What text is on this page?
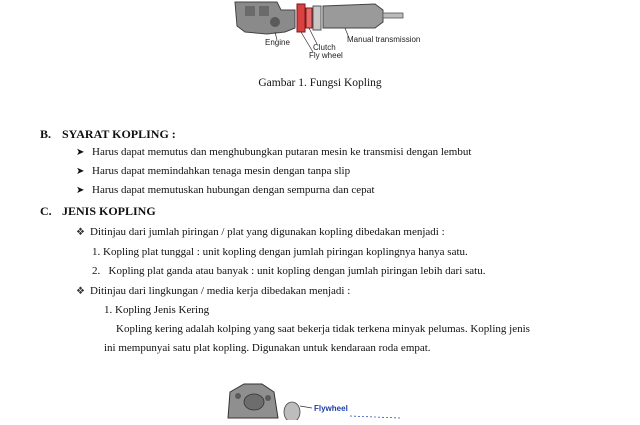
Engine
Clutch
Fly wheel
Manual transmission
Gambar 1. Fungsi Kopling
B. SYARAT KOPLING :
➤ Harus dapat memutus dan menghubungkan putaran mesin ke transmisi dengan lembut
➤ Harus dapat memindahkan tenaga mesin dengan tanpa slip
➤ Harus dapat memutuskan hubungan dengan sempurna dan cepat
C. JENIS KOPLING
❖ Ditinjau dari jumlah piringan / plat yang digunakan kopling dibedakan menjadi :
1. Kopling plat tunggal : unit kopling dengan jumlah piringan koplingnya hanya satu.
2.   Kopling plat ganda atau banyak : unit kopling dengan jumlah piringan lebih dari satu.
❖ Ditinjau dari lingkungan / media kerja dibedakan menjadi :
1. Kopling Jenis Kering
Kopling kering adalah kolping yang saat bekerja tidak terkena minyak pelumas. Kopling jenis
ini mempunyai satu plat kopling. Digunakan untuk kendaraan roda empat.
Flywheel
